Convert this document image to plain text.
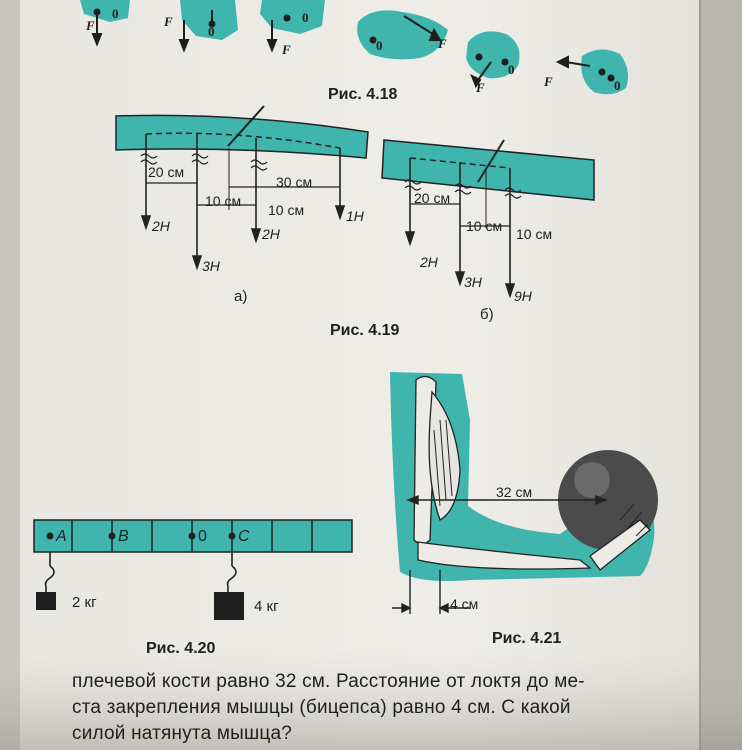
F
0
F
0
F
0
0	F
F
0
F	0
Рис. 4.18
20 см
10 см
10 см
30 см
2Н
3Н
2Н
1Н
а)
20 см
10 см 10 см
2Н
3Н
9Н
б)
Рис. 4.19
A	B	0 C
2 кг	4 кг
Рис. 4.20
32 см
4 см
Рис. 4.21
плечевой кости равно 32 см. Расстояние от локтя до ме-
ста закрепления мышцы (бицепса) равно 4 см. С какой
силой натянута мышца?
